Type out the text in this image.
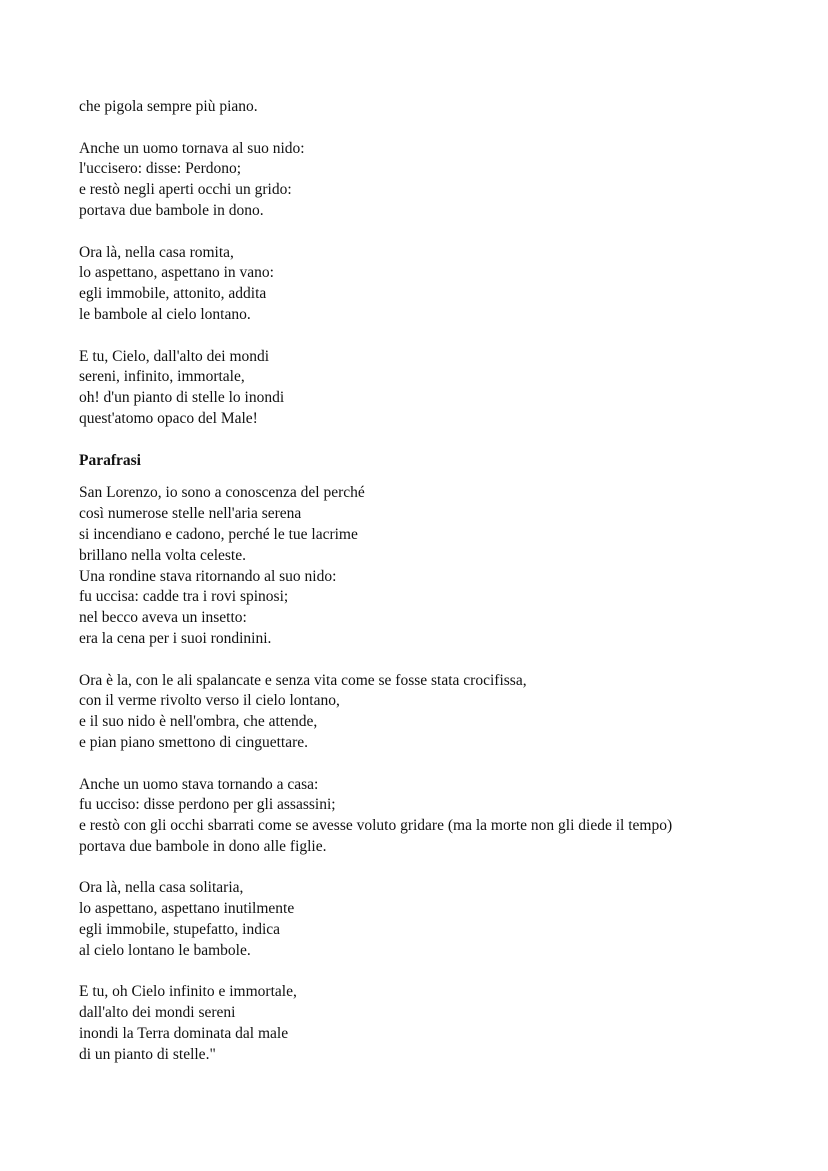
che pigola sempre più piano.
Anche un uomo tornava al suo nido:
l'uccisero: disse: Perdono;
e restò negli aperti occhi un grido:
portava due bambole in dono.
Ora là, nella casa romita,
lo aspettano, aspettano in vano:
egli immobile, attonito, addita
le bambole al cielo lontano.
E tu, Cielo, dall'alto dei mondi
sereni, infinito, immortale,
oh! d'un pianto di stelle lo inondi
quest'atomo opaco del Male!
Parafrasi
San Lorenzo, io sono a conoscenza del perché
così numerose stelle nell'aria serena
si incendiano e cadono, perché le tue lacrime
brillano nella volta celeste.
Una rondine stava ritornando al suo nido:
fu uccisa: cadde tra i rovi spinosi;
nel becco aveva un insetto:
era la cena per i suoi rondinini.
Ora è la, con le ali spalancate e senza vita come se fosse stata crocifissa,
con il verme rivolto verso il cielo lontano,
e il suo nido è nell'ombra, che attende,
e pian piano smettono di cinguettare.
Anche un uomo stava tornando a casa:
fu ucciso: disse perdono per gli assassini;
e restò con gli occhi sbarrati come se avesse voluto gridare (ma la morte non gli diede il tempo)
portava due bambole in dono alle figlie.
Ora là, nella casa solitaria,
lo aspettano, aspettano inutilmente
egli immobile, stupefatto, indica
al cielo lontano le bambole.
E tu, oh Cielo infinito e immortale,
dall'alto dei mondi sereni
inondi la Terra dominata dal male
di un pianto di stelle."
